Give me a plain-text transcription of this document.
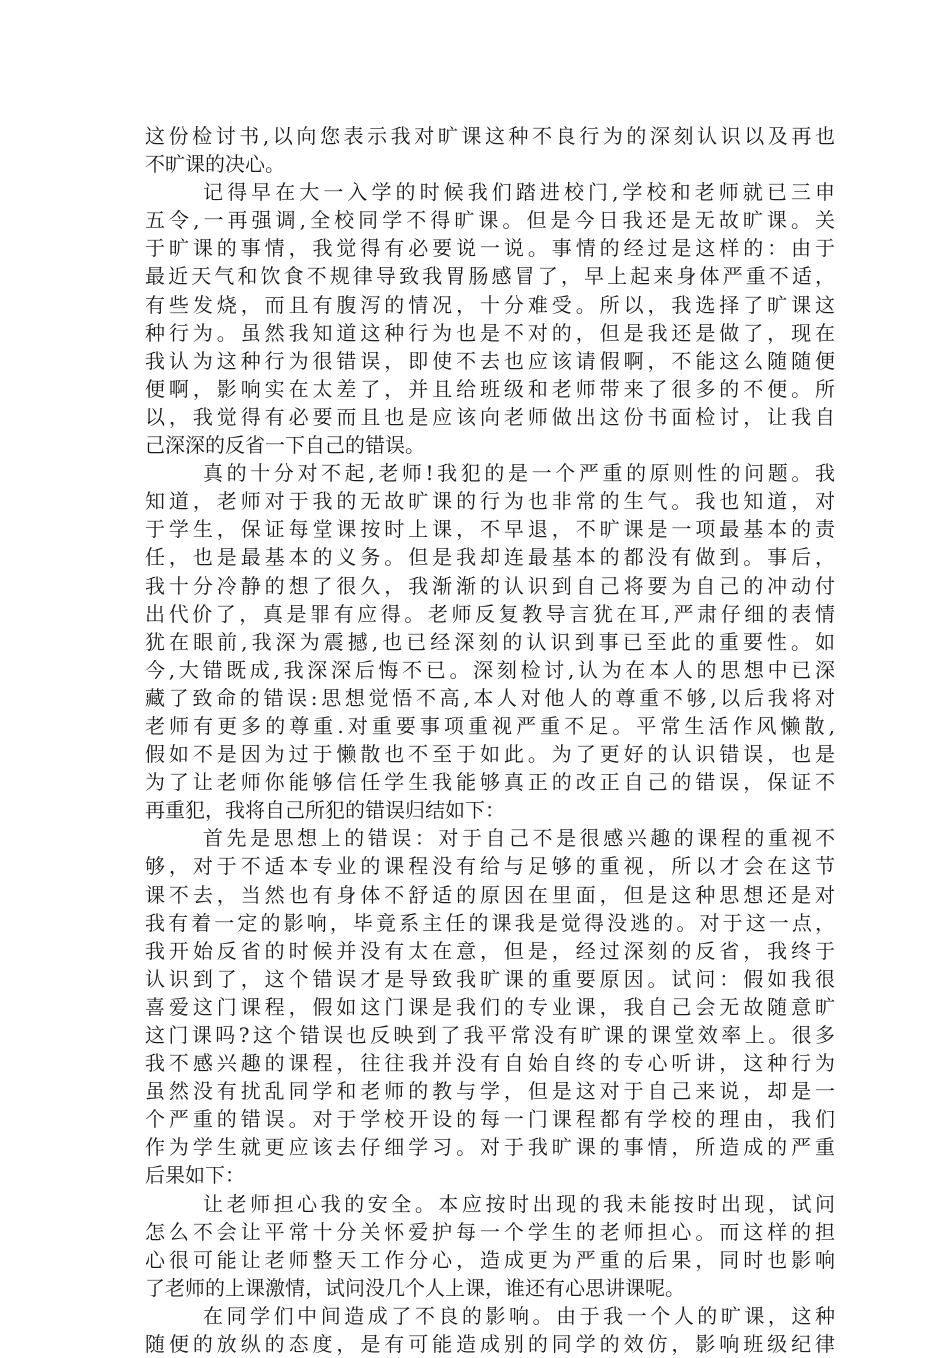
这份检讨书,以向您表示我对旷课这种不良行为的深刻认识以及再也
不旷课的决心。
记得早在大一入学的时候我们踏进校门,学校和老师就已三申
五令,一再强调,全校同学不得旷课。但是今日我还是无故旷课。关
于旷课的事情，我觉得有必要说一说。事情的经过是这样的：由于
最近天气和饮食不规律导致我胃肠感冒了，早上起来身体严重不适，
有些发烧，而且有腹泻的情况，十分难受。所以，我选择了旷课这
种行为。虽然我知道这种行为也是不对的，但是我还是做了，现在
我认为这种行为很错误，即使不去也应该请假啊，不能这么随随便
便啊，影响实在太差了，并且给班级和老师带来了很多的不便。所
以，我觉得有必要而且也是应该向老师做出这份书面检讨，让我自
己深深的反省一下自己的错误。
真的十分对不起,老师!我犯的是一个严重的原则性的问题。我
知道，老师对于我的无故旷课的行为也非常的生气。我也知道，对
于学生，保证每堂课按时上课，不早退，不旷课是一项最基本的责
任，也是最基本的义务。但是我却连最基本的都没有做到。事后，
我十分冷静的想了很久，我渐渐的认识到自己将要为自己的冲动付
出代价了，真是罪有应得。老师反复教导言犹在耳,严肃仔细的表情
犹在眼前,我深为震撼,也已经深刻的认识到事已至此的重要性。如
今,大错既成,我深深后悔不已。深刻检讨,认为在本人的思想中已深
藏了致命的错误:思想觉悟不高,本人对他人的尊重不够,以后我将对
老师有更多的尊重.对重要事项重视严重不足。平常生活作风懒散,
假如不是因为过于懒散也不至于如此。为了更好的认识错误，也是
为了让老师你能够信任学生我能够真正的改正自己的错误，保证不
再重犯，我将自己所犯的错误归结如下：
首先是思想上的错误：对于自己不是很感兴趣的课程的重视不
够，对于不适本专业的课程没有给与足够的重视，所以才会在这节
课不去，当然也有身体不舒适的原因在里面，但是这种思想还是对
我有着一定的影响，毕竟系主任的课我是觉得没逃的。对于这一点，
我开始反省的时候并没有太在意，但是，经过深刻的反省，我终于
认识到了，这个错误才是导致我旷课的重要原因。试问：假如我很
喜爱这门课程，假如这门课是我们的专业课，我自己会无故随意旷
这门课吗?这个错误也反映到了我平常没有旷课的课堂效率上。很多
我不感兴趣的课程，往往我并没有自始自终的专心听讲，这种行为
虽然没有扰乱同学和老师的教与学，但是这对于自己来说，却是一
个严重的错误。对于学校开设的每一门课程都有学校的理由，我们
作为学生就更应该去仔细学习。对于我旷课的事情，所造成的严重
后果如下：
让老师担心我的安全。本应按时出现的我未能按时出现，试问
怎么不会让平常十分关怀爱护每一个学生的老师担心。而这样的担
心很可能让老师整天工作分心，造成更为严重的后果，同时也影响
了老师的上课激情，试问没几个人上课，谁还有心思讲课呢。
在同学们中间造成了不良的影响。由于我一个人的旷课，这种
随便的放纵的态度，是有可能造成别的同学的效仿，影响班级纪律
